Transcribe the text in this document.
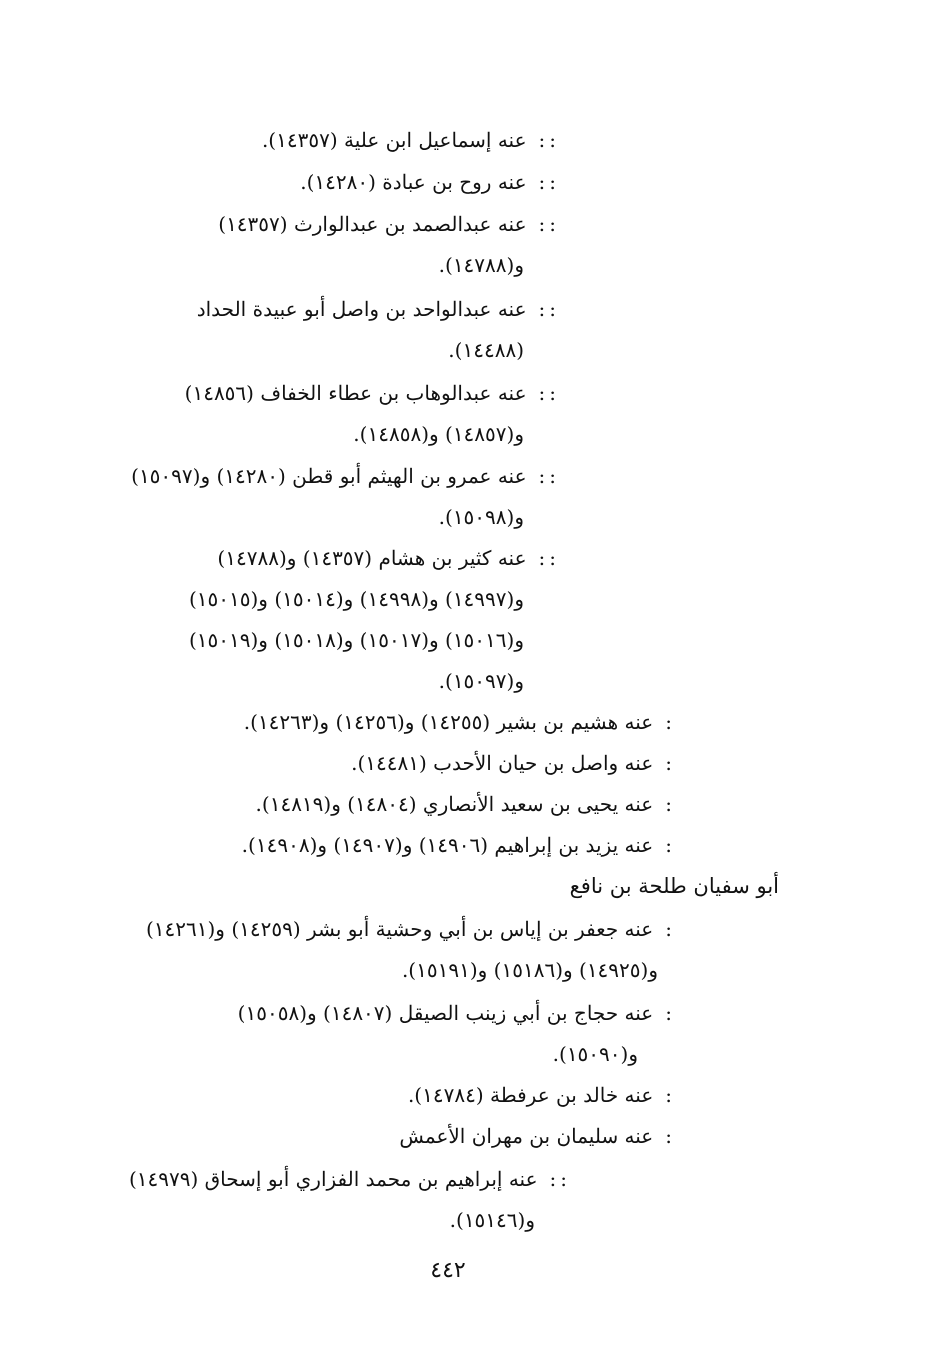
::عنه إسماعيل ابن علية (١٤٣٥٧).
::عنه روح بن عبادة (١٤٢٨٠).
::عنه عبدالصمد بن عبدالوارث (١٤٣٥٧)
و(١٤٧٨٨).
::عنه عبدالواحد بن واصل أبو عبيدة الحداد
(١٤٤٨٨).
::عنه عبدالوهاب بن عطاء الخفاف (١٤٨٥٦)
و(١٤٨٥٧) و(١٤٨٥٨).
::عنه عمرو بن الهيثم أبو قطن (١٤٢٨٠) و(١٥٠٩٧)
و(١٥٠٩٨).
::عنه كثير بن هشام (١٤٣٥٧) و(١٤٧٨٨)
و(١٤٩٩٧) و(١٤٩٩٨) و(١٥٠١٤) و(١٥٠١٥)
و(١٥٠١٦) و(١٥٠١٧) و(١٥٠١٨) و(١٥٠١٩)
و(١٥٠٩٧).
:عنه هشيم بن بشير (١٤٢٥٥) و(١٤٢٥٦) و(١٤٢٦٣).
:عنه واصل بن حيان الأحدب (١٤٤٨١).
:عنه يحيى بن سعيد الأنصاري (١٤٨٠٤) و(١٤٨١٩).
:عنه يزيد بن إبراهيم (١٤٩٠٦) و(١٤٩٠٧) و(١٤٩٠٨).
أبو سفيان طلحة بن نافع
:عنه جعفر بن إياس بن أبي وحشية أبو بشر (١٤٢٥٩) و(١٤٢٦١)
و(١٤٩٢٥) و(١٥١٨٦) و(١٥١٩١).
:عنه حجاج بن أبي زينب الصيقل (١٤٨٠٧) و(١٥٠٥٨)
و(١٥٠٩٠).
:عنه خالد بن عرفطة (١٤٧٨٤).
:عنه سليمان بن مهران الأعمش
::عنه إبراهيم بن محمد الفزاري أبو إسحاق (١٤٩٧٩)
و(١٥١٤٦).
٤٤٢
